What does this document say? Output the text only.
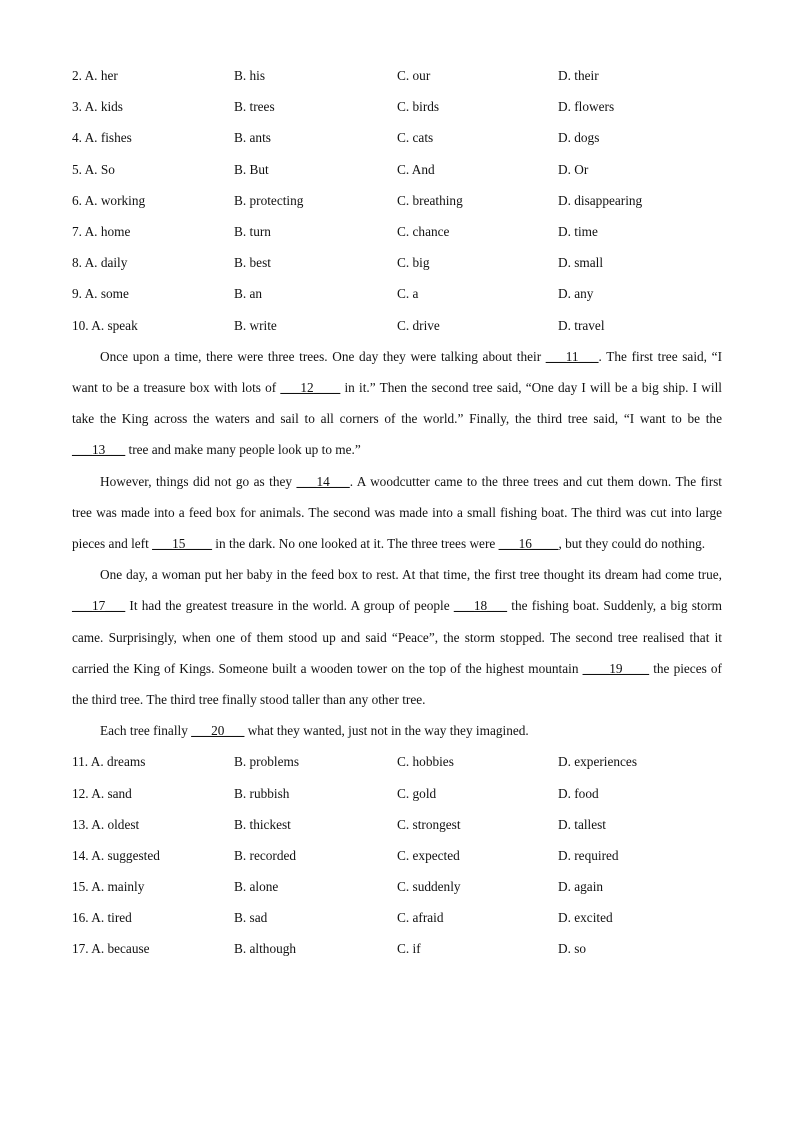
2. A. her	B. his	C. our	D. their
3. A. kids	B. trees	C. birds	D. flowers
4. A. fishes	B. ants	C. cats	D. dogs
5. A. So	B. But	C. And	D. Or
6. A. working	B. protecting	C. breathing	D. disappearing
7. A. home	B. turn	C. chance	D. time
8. A. daily	B. best	C. big	D. small
9. A. some	B. an	C. a	D. any
10. A. speak	B. write	C. drive	D. travel

Once upon a time, there were three trees. One day they were talking about their ___11___. The first tree said, “I want to be a treasure box with lots of ___12____ in it.” Then the second tree said, “One day I will be a big ship. I will take the King across the waters and sail to all corners of the world.” Finally, the third tree said, “I want to be the ___13___ tree and make many people look up to me.”

However, things did not go as they ___14___. A woodcutter came to the three trees and cut them down. The first tree was made into a feed box for animals. The second was made into a small fishing boat. The third was cut into large pieces and left ___15____ in the dark. No one looked at it. The three trees were ___16____, but they could do nothing.

One day, a woman put her baby in the feed box to rest. At that time, the first tree thought its dream had come true, ___17___ It had the greatest treasure in the world. A group of people ___18___ the fishing boat. Suddenly, a big storm came. Surprisingly, when one of them stood up and said “Peace”, the storm stopped. The second tree realised that it carried the King of Kings. Someone built a wooden tower on the top of the highest mountain ____19____ the pieces of the third tree. The third tree finally stood taller than any other tree.

Each tree finally ___20___ what they wanted, just not in the way they imagined.

11. A. dreams	B. problems	C. hobbies	D. experiences
12. A. sand	B. rubbish	C. gold	D. food
13. A. oldest	B. thickest	C. strongest	D. tallest
14. A. suggested	B. recorded	C. expected	D. required
15. A. mainly	B. alone	C. suddenly	D. again
16. A. tired	B. sad	C. afraid	D. excited
17. A. because	B. although	C. if	D. so
